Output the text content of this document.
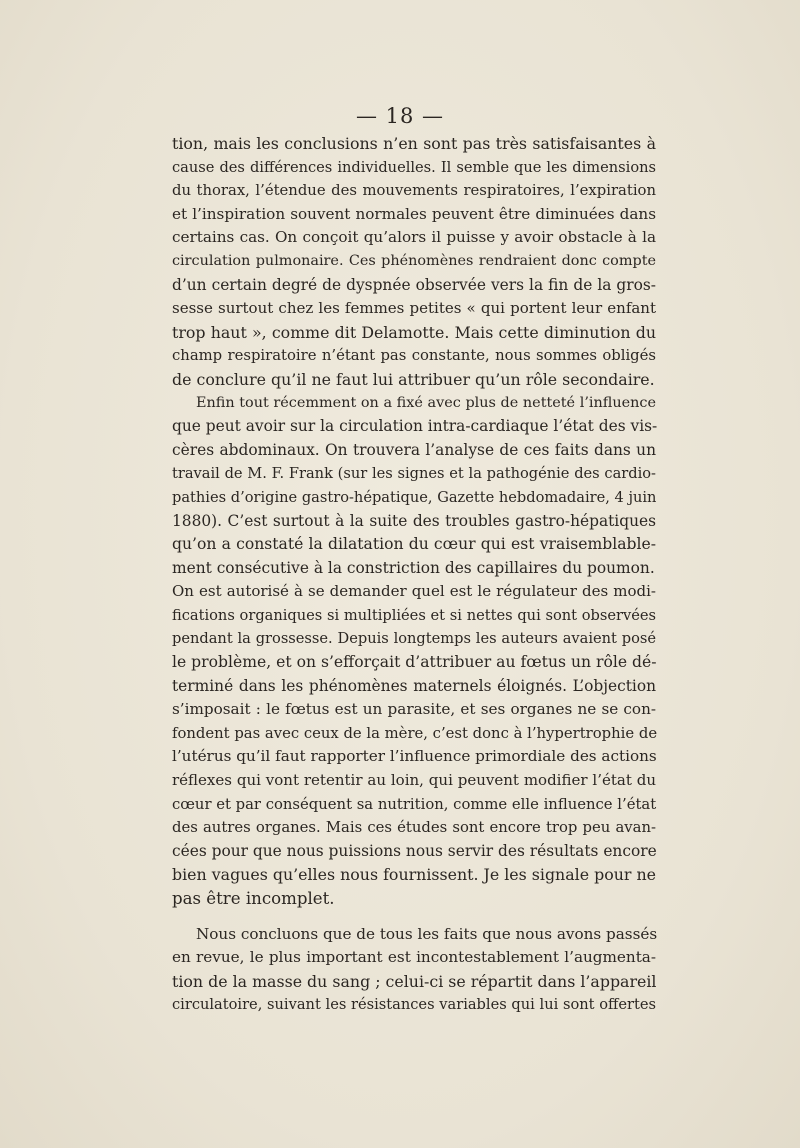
— 18 —
tion, mais les conclusions n’en sont pas très satisfaisantes à
cause des différences individuelles. Il semble que les dimensions
du thorax, l’étendue des mouvements respiratoires, l’expiration
et l’inspiration souvent normales peuvent être diminuées dans
certains cas. On conçoit qu’alors il puisse y avoir obstacle à la
circulation pulmonaire. Ces phénomènes rendraient donc compte
d’un certain degré de dyspnée observée vers la fin de la gros-
sesse surtout chez les femmes petites « qui portent leur enfant
trop haut », comme dit Delamotte. Mais cette diminution du
champ respiratoire n’étant pas constante, nous sommes obligés
de conclure qu’il ne faut lui attribuer qu’un rôle secondaire.
Enfin tout récemment on a fixé avec plus de netteté l’influence
que peut avoir sur la circulation intra-cardiaque l’état des vis-
cères abdominaux. On trouvera l’analyse de ces faits dans un
travail de M. F. Frank (sur les signes et la pathogénie des cardio-
pathies d’origine gastro-hépatique, Gazette hebdomadaire, 4 juin
1880). C’est surtout à la suite des troubles gastro-hépatiques
qu’on a constaté la dilatation du cœur qui est vraisemblable-
ment consécutive à la constriction des capillaires du poumon.
On est autorisé à se demander quel est le régulateur des modi-
fications organiques si multipliées et si nettes qui sont observées
pendant la grossesse. Depuis longtemps les auteurs avaient posé
le problème, et on s’efforçait d’attribuer au fœtus un rôle dé-
terminé dans les phénomènes maternels éloignés. L’objection
s’imposait : le fœtus est un parasite, et ses organes ne se con-
fondent pas avec ceux de la mère, c’est donc à l’hypertrophie de
l’utérus qu’il faut rapporter l’influence primordiale des actions
réflexes qui vont retentir au loin, qui peuvent modifier l’état du
cœur et par conséquent sa nutrition, comme elle influence l’état
des autres organes. Mais ces études sont encore trop peu avan-
cées pour que nous puissions nous servir des résultats encore
bien vagues qu’elles nous fournissent. Je les signale pour ne
pas être incomplet.
Nous concluons que de tous les faits que nous avons passés
en revue, le plus important est incontestablement l’augmenta-
tion de la masse du sang ; celui-ci se répartit dans l’appareil
circulatoire, suivant les résistances variables qui lui sont offertes
